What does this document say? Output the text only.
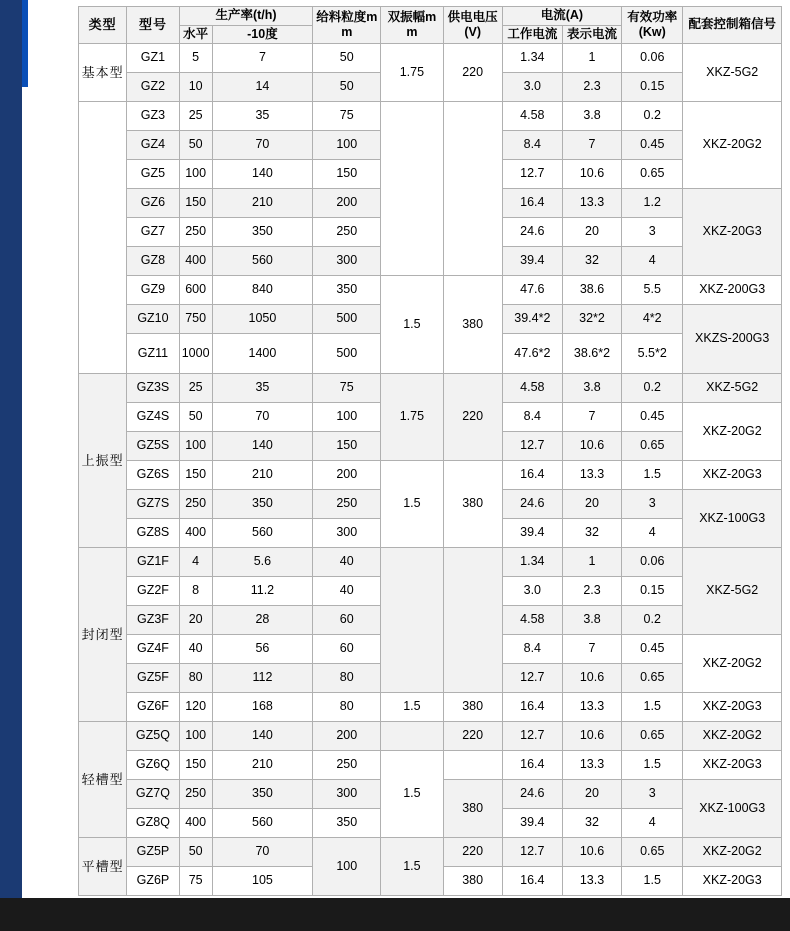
类型	型号	生产率(t/h)		给料粒度mm	双振幅mm	供电电压(V)	电流(A)		有效功率(Kw)	配套控制箱信号
		水平	-10度				工作电流	表示电流		
基本型	GZ1	5	7	50	1.75	220	1.34	1	0.06	XKZ-5G2
	GZ2	10	14	50			3.0	2.3	0.15	
	GZ3	25	35	75			4.58	3.8	0.2	XKZ-20G2
	GZ4	50	70	100			8.4	7	0.45	
	GZ5	100	140	150			12.7	10.6	0.65	
	GZ6	150	210	200			16.4	13.3	1.2	XKZ-20G3
	GZ7	250	350	250			24.6	20	3	
	GZ8	400	560	300			39.4	32	4	
	GZ9	600	840	350	1.5	380	47.6	38.6	5.5	XKZ-200G3
	GZ10	750	1050	500			39.4*2	32*2	4*2	XKZS-200G3
	GZ11	1000	1400	500			47.6*2	38.6*2	5.5*2	
上振型	GZ3S	25	35	75	1.75	220	4.58	3.8	0.2	XKZ-5G2
	GZ4S	50	70	100			8.4	7	0.45	XKZ-20G2
	GZ5S	100	140	150			12.7	10.6	0.65	
	GZ6S	150	210	200	1.5	380	16.4	13.3	1.5	XKZ-20G3
	GZ7S	250	350	250			24.6	20	3	XKZ-100G3
	GZ8S	400	560	300			39.4	32	4	
封闭型	GZ1F	4	5.6	40			1.34	1	0.06	XKZ-5G2
	GZ2F	8	11.2	40			3.0	2.3	0.15	
	GZ3F	20	28	60			4.58	3.8	0.2	
	GZ4F	40	56	60			8.4	7	0.45	XKZ-20G2
	GZ5F	80	112	80			12.7	10.6	0.65	
	GZ6F	120	168	80	1.5	380	16.4	13.3	1.5	XKZ-20G3
轻槽型	GZ5Q	100	140	200		220	12.7	10.6	0.65	XKZ-20G2
	GZ6Q	150	210	250	1.5		16.4	13.3	1.5	XKZ-20G3
	GZ7Q	250	350	300		380	24.6	20	3	XKZ-100G3
	GZ8Q	400	560	350			39.4	32	4	
平槽型	GZ5P	50	70	100	1.5	220	12.7	10.6	0.65	XKZ-20G2
	GZ6P	75	105			380	16.4	13.3	1.5	XKZ-20G3
